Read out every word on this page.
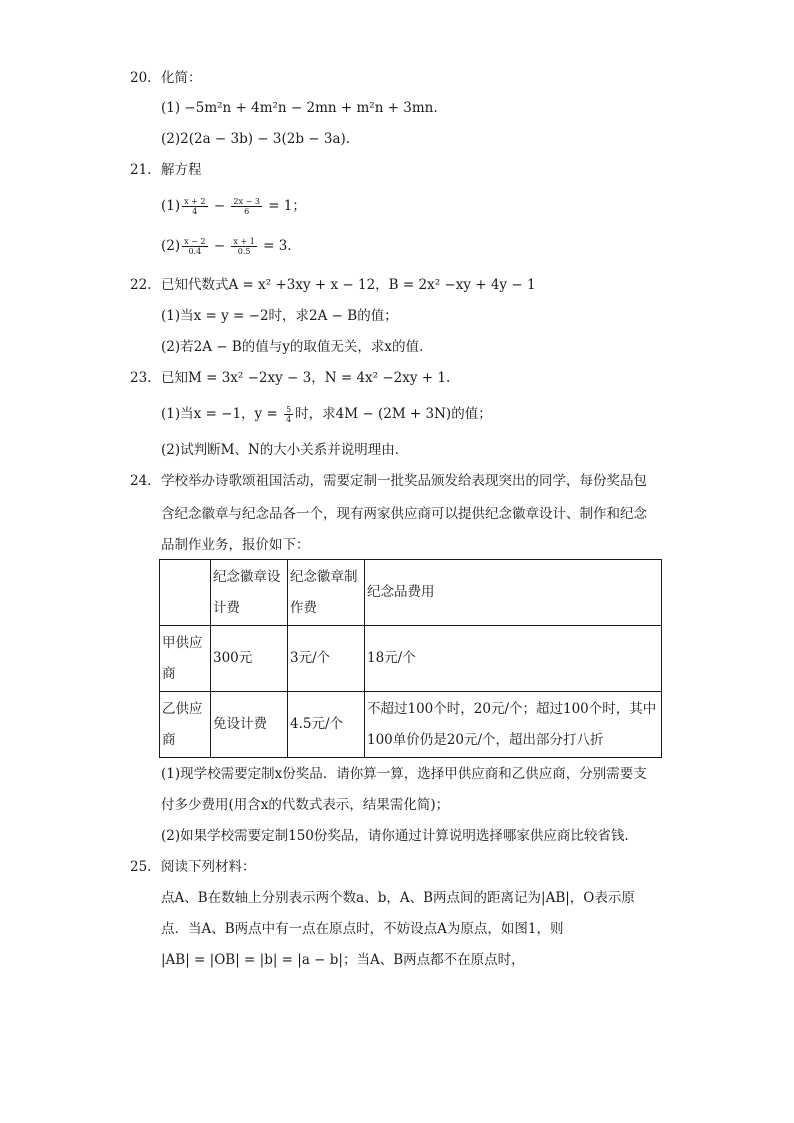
20. 化简：
(1) −5m²n + 4m²n − 2mn + m²n + 3mn.
(2)2(2a − 3b) − 3(2b − 3a).
21. 解方程
$(1) \frac{x + 2}{4} - \frac{2x - 3}{6} = 1$；
$(2) \frac{x - 2}{0.4} - \frac{x + 1}{0.5} = 3$.
22. 已知代数式A = x² +3xy + x − 12，B = 2x² −xy + 4y − 1
(1)当x = y = −2时，求2A − B的值；
(2)若2A − B的值与y的取值无关，求x的值.
23. 已知M = 3x² −2xy − 3，N = 4x² −2xy + 1.
(1)当x = −1，$y = \frac{5}{4}$ 时，求4M − (2M + 3N)的值；
(2)试判断M、N的大小关系并说明理由.
24. 学校举办诗歌颂祖国活动，需要定制一批奖品颁发给表现突出的同学，每份奖品包
含纪念徽章与纪念品各一个，现有两家供应商可以提供纪念徽章设计、制作和纪念
品制作业务，报价如下：
	纪念徽章设计费	纪念徽章制作费	纪念品费用
甲供应商	300元	3元/个	18元/个
乙供应商	免设计费	4.5元/个	不超过100个时，20元/个；超过100个时，其中100单价仍是20元/个，超出部分打八折
(1)现学校需要定制x份奖品．请你算一算，选择甲供应商和乙供应商，分别需要支
付多少费用(用含x的代数式表示，结果需化简)；
(2)如果学校需要定制150份奖品，请你通过计算说明选择哪家供应商比较省钱.
25. 阅读下列材料：
点A、B在数轴上分别表示两个数a、b，A、B两点间的距离记为|AB|，O表示原
点．当A、B两点中有一点在原点时，不妨设点A为原点，如图1，则
|AB| = |OB| = |b| = |a − b|；当A、B两点都不在原点时，
